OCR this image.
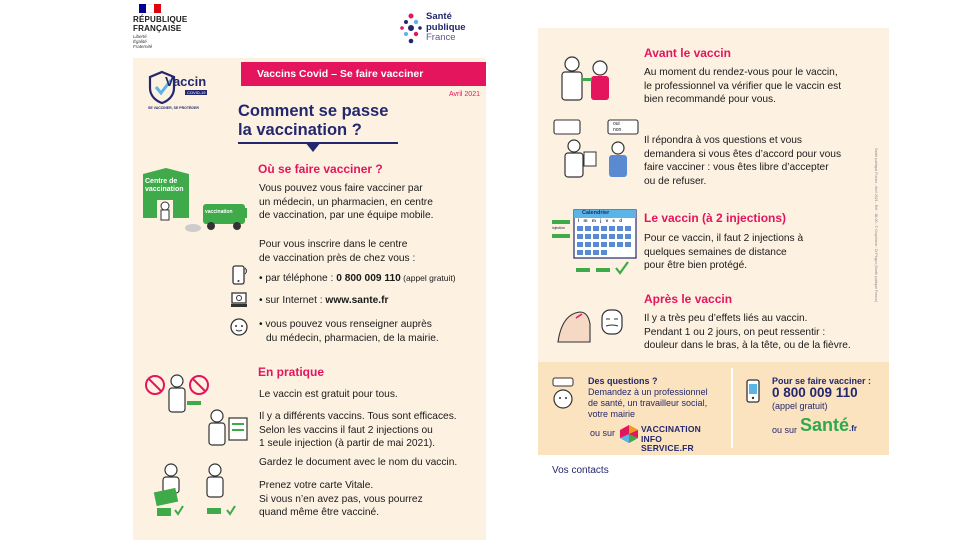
RÉPUBLIQUE
FRANÇAISE
Liberté
Égalité
Fraternité
Santé
publique
France
Vaccin
COVID-19
SE VACCINER, SE PROTÉGER
Vaccins Covid – Se faire vacciner
Avril 2021
Comment se passe
la vaccination ?
Centre de
vaccination
vaccination
Où se faire vacciner ?
Vous pouvez vous faire vacciner par
un médecin, un pharmacien, en centre
de vaccination, par une équipe mobile.
Pour vous inscrire dans le centre
de vaccination près de chez vous :
• par téléphone : 0 800 009 110 (appel gratuit)
• sur Internet : www.sante.fr
• vous pouvez vous renseigner auprès
du médecin, pharmacien, de la mairie.
En pratique
Le vaccin est gratuit pour tous.
Il y a différents vaccins. Tous sont efficaces.
Selon les vaccins il faut 2 injections ou
1 seule injection (à partir de mai 2021).
Gardez le document avec le nom du vaccin.
Prenez votre carte Vitale.
Si vous n’en avez pas, vous pourrez
quand même être vacciné.
oui
non
Avant le vaccin
Au moment du rendez-vous pour le vaccin,
le professionnel va vérifier que le vaccin est
bien recommandé pour vous.
Il répondra à vos questions et vous
demandera si vous êtes d’accord pour vous
faire vacciner : vous êtes libre d’accepter
ou de refuser.
Calendrier
l m m j v s d
injection
Le vaccin (à 2 injections)
Pour ce vaccin, il faut 2 injections à
quelques semaines de distance
pour être bien protégé.
Après le vaccin
Il y a très peu d’effets liés au vaccin.
Pendant 1 ou 2 jours, on peut ressentir :
douleur dans le bras, à la tête, ou de la fièvre.
Santé publique France - Avril 2021 - Réf : 1B-00 - © Graphisme : Di Pégon (Santé publique France)
Des questions ?
Demandez à un professionnel
de santé, un travailleur social,
votre mairie
ou sur	VACCINATION
INFO SERVICE.FR
Pour se faire vacciner :
0 800 009 110
(appel gratuit)
ou sur Santé.fr
Vos contacts
